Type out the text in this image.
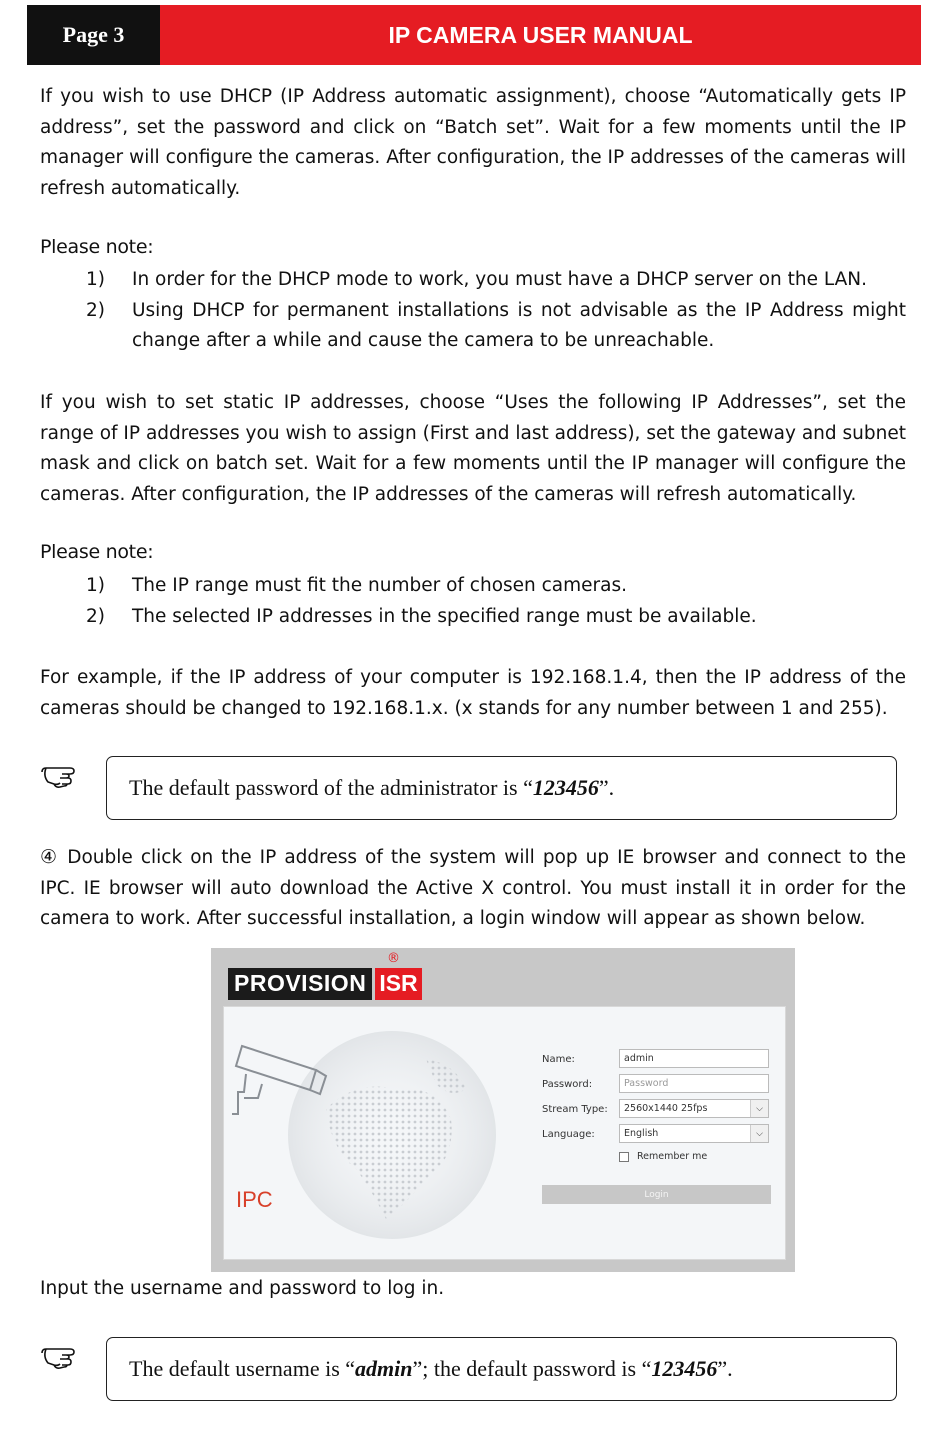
Page 3	IP CAMERA USER MANUAL

If you wish to use DHCP (IP Address automatic assignment), choose “Automatically gets IP address”, set the password and click on “Batch set”. Wait for a few moments until the IP manager will configure the cameras. After configuration, the IP addresses of the cameras will refresh automatically.

Please note:

1)	In order for the DHCP mode to work, you must have a DHCP server on the LAN.
2)	Using DHCP for permanent installations is not advisable as the IP Address might change after a while and cause the camera to be unreachable.

If you wish to set static IP addresses, choose “Uses the following IP Addresses”, set the range of IP addresses you wish to assign (First and last address), set the gateway and subnet mask and click on batch set. Wait for a few moments until the IP manager will configure the cameras. After configuration, the IP addresses of the cameras will refresh automatically.

Please note:

1)	The IP range must fit the number of chosen cameras.
2)	The selected IP addresses in the specified range must be available.

For example, if the IP address of your computer is 192.168.1.4, then the IP address of the cameras should be changed to 192.168.1.x. (x stands for any number between 1 and 255).

The default password of the administrator is “ 123456 ”.

④ Double click on the IP address of the system will pop up IE browser and connect to the IPC. IE browser will auto download the Active X control. You must install it in order for the camera to work. After successful installation, a login window will appear as shown below.

PROVISION ISR
®
IPC
Name:	admin
Password:	Password
Stream Type:	2560x1440 25fps	⌵
Language:	English	⌵
Remember me
Login

Input the username and password to log in.

The default username is “ admin ”; the default password is “ 123456 ”.
